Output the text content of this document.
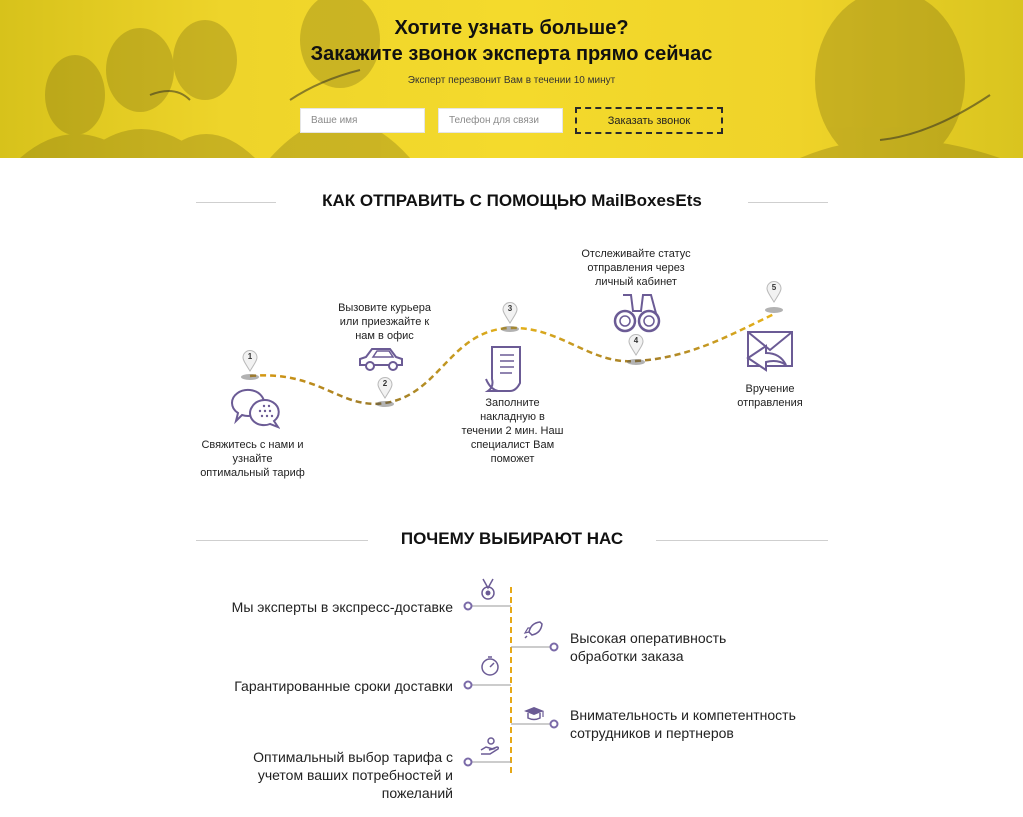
Хотите узнать больше?
Закажите звонок эксперта прямо сейчас
Эксперт перезвонит Вам в течении 10 минут
Ваше имя
Телефон для связи
Заказать звонок
КАК ОТПРАВИТЬ С ПОМОЩЬЮ MailBoxesEts
1
2
3
4
5
Свяжитесь с нами и
узнайте
оптимальный тариф
Вызовите курьера
или приезжайте к
нам в офис
Заполните
накладную в
течении 2 мин. Наш
специалист Вам
поможет
Отслеживайте статус
отправления через
личный кабинет
Вручение
отправления
ПОЧЕМУ ВЫБИРАЮТ НАС
Мы эксперты в экспресс-доставке
Высокая оперативность
обработки заказа
Гарантированные сроки доставки
Внимательность и компетентность
сотрудников и пертнеров
Оптимальный выбор тарифа с
учетом ваших потребностей и
пожеланий
